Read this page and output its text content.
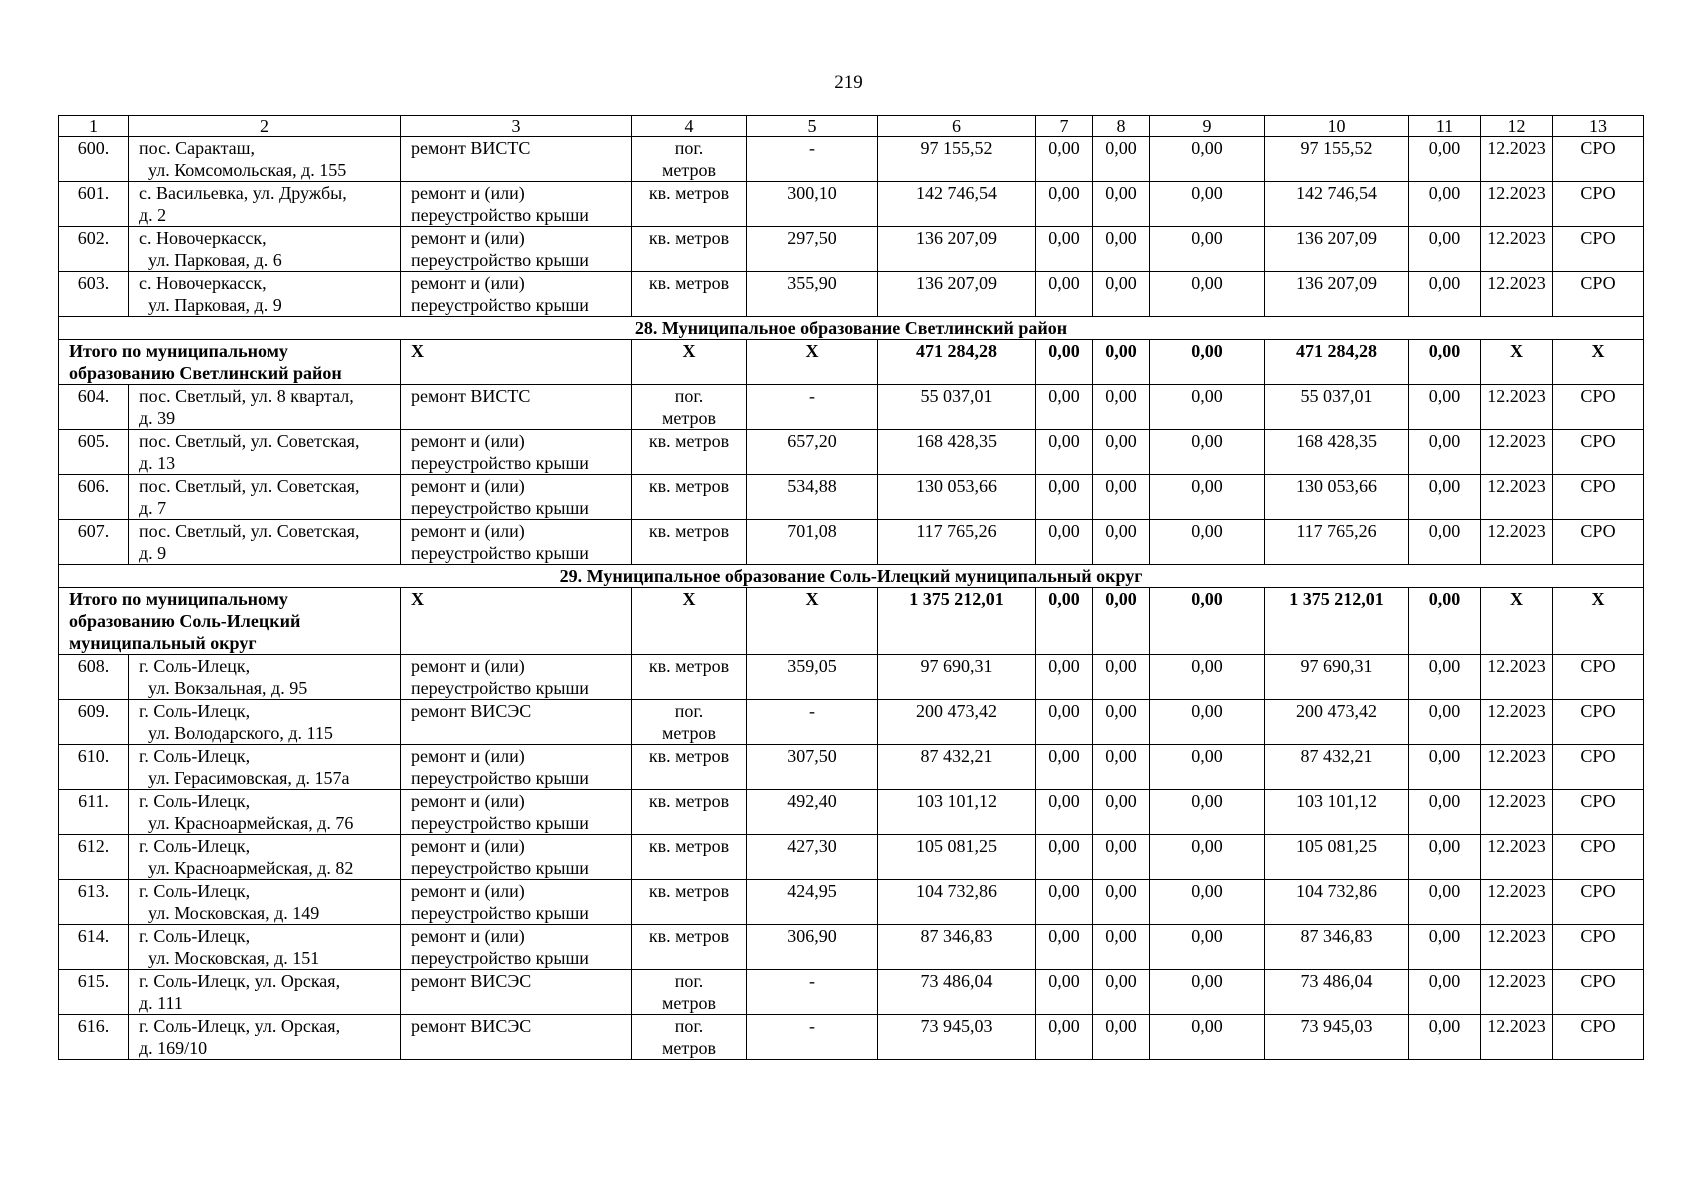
219
1	2	3	4	5	6	7	8	9	10	11	12	13
600.	пос. Саракташ,

ул. Комсомольская, д. 155	ремонт ВИСТС	пог.
метров	-	97 155,52	0,00	0,00	0,00	97 155,52	0,00	12.2023	СРО
601.	с. Васильевка, ул. Дружбы,
д. 2	ремонт и (или)
переустройство крыши	кв. метров	300,10	142 746,54	0,00	0,00	0,00	142 746,54	0,00	12.2023	СРО
602.	с. Новочеркасск,

ул. Парковая, д. 6	ремонт и (или)
переустройство крыши	кв. метров	297,50	136 207,09	0,00	0,00	0,00	136 207,09	0,00	12.2023	СРО
603.	с. Новочеркасск,

ул. Парковая, д. 9	ремонт и (или)
переустройство крыши	кв. метров	355,90	136 207,09	0,00	0,00	0,00	136 207,09	0,00	12.2023	СРО
28. Муниципальное образование Светлинский район												
Итого по муниципальному образованию Светлинский район		Х	Х	Х	471 284,28	0,00	0,00	0,00	471 284,28	0,00	Х	Х
604.	пос. Светлый, ул. 8 квартал,
д. 39	ремонт ВИСТС	пог.
метров	-	55 037,01	0,00	0,00	0,00	55 037,01	0,00	12.2023	СРО
605.	пос. Светлый, ул. Советская,
д. 13	ремонт и (или)
переустройство крыши	кв. метров	657,20	168 428,35	0,00	0,00	0,00	168 428,35	0,00	12.2023	СРО
606.	пос. Светлый, ул. Советская,
д. 7	ремонт и (или)
переустройство крыши	кв. метров	534,88	130 053,66	0,00	0,00	0,00	130 053,66	0,00	12.2023	СРО
607.	пос. Светлый, ул. Советская,
д. 9	ремонт и (или)
переустройство крыши	кв. метров	701,08	117 765,26	0,00	0,00	0,00	117 765,26	0,00	12.2023	СРО
29. Муниципальное образование Соль-Илецкий муниципальный округ												
Итого по муниципальному образованию Соль-Илецкий муниципальный округ		Х	Х	Х	1 375 212,01	0,00	0,00	0,00	1 375 212,01	0,00	Х	Х
608.	г. Соль-Илецк,

ул. Вокзальная, д. 95	ремонт и (или)
переустройство крыши	кв. метров	359,05	97 690,31	0,00	0,00	0,00	97 690,31	0,00	12.2023	СРО
609.	г. Соль-Илецк,

ул. Володарского, д. 115	ремонт ВИСЭС	пог.
метров	-	200 473,42	0,00	0,00	0,00	200 473,42	0,00	12.2023	СРО
610.	г. Соль-Илецк,

ул. Герасимовская, д. 157а	ремонт и (или)
переустройство крыши	кв. метров	307,50	87 432,21	0,00	0,00	0,00	87 432,21	0,00	12.2023	СРО
611.	г. Соль-Илецк,

ул. Красноармейская, д. 76	ремонт и (или)
переустройство крыши	кв. метров	492,40	103 101,12	0,00	0,00	0,00	103 101,12	0,00	12.2023	СРО
612.	г. Соль-Илецк,

ул. Красноармейская, д. 82	ремонт и (или)
переустройство крыши	кв. метров	427,30	105 081,25	0,00	0,00	0,00	105 081,25	0,00	12.2023	СРО
613.	г. Соль-Илецк,

ул. Московская, д. 149	ремонт и (или)
переустройство крыши	кв. метров	424,95	104 732,86	0,00	0,00	0,00	104 732,86	0,00	12.2023	СРО
614.	г. Соль-Илецк,

ул. Московская, д. 151	ремонт и (или)
переустройство крыши	кв. метров	306,90	87 346,83	0,00	0,00	0,00	87 346,83	0,00	12.2023	СРО
615.	г. Соль-Илецк, ул. Орская,
д. 111	ремонт ВИСЭС	пог.
метров	-	73 486,04	0,00	0,00	0,00	73 486,04	0,00	12.2023	СРО
616.	г. Соль-Илецк, ул. Орская,
д. 169/10	ремонт ВИСЭС	пог.
метров	-	73 945,03	0,00	0,00	0,00	73 945,03	0,00	12.2023	СРО
